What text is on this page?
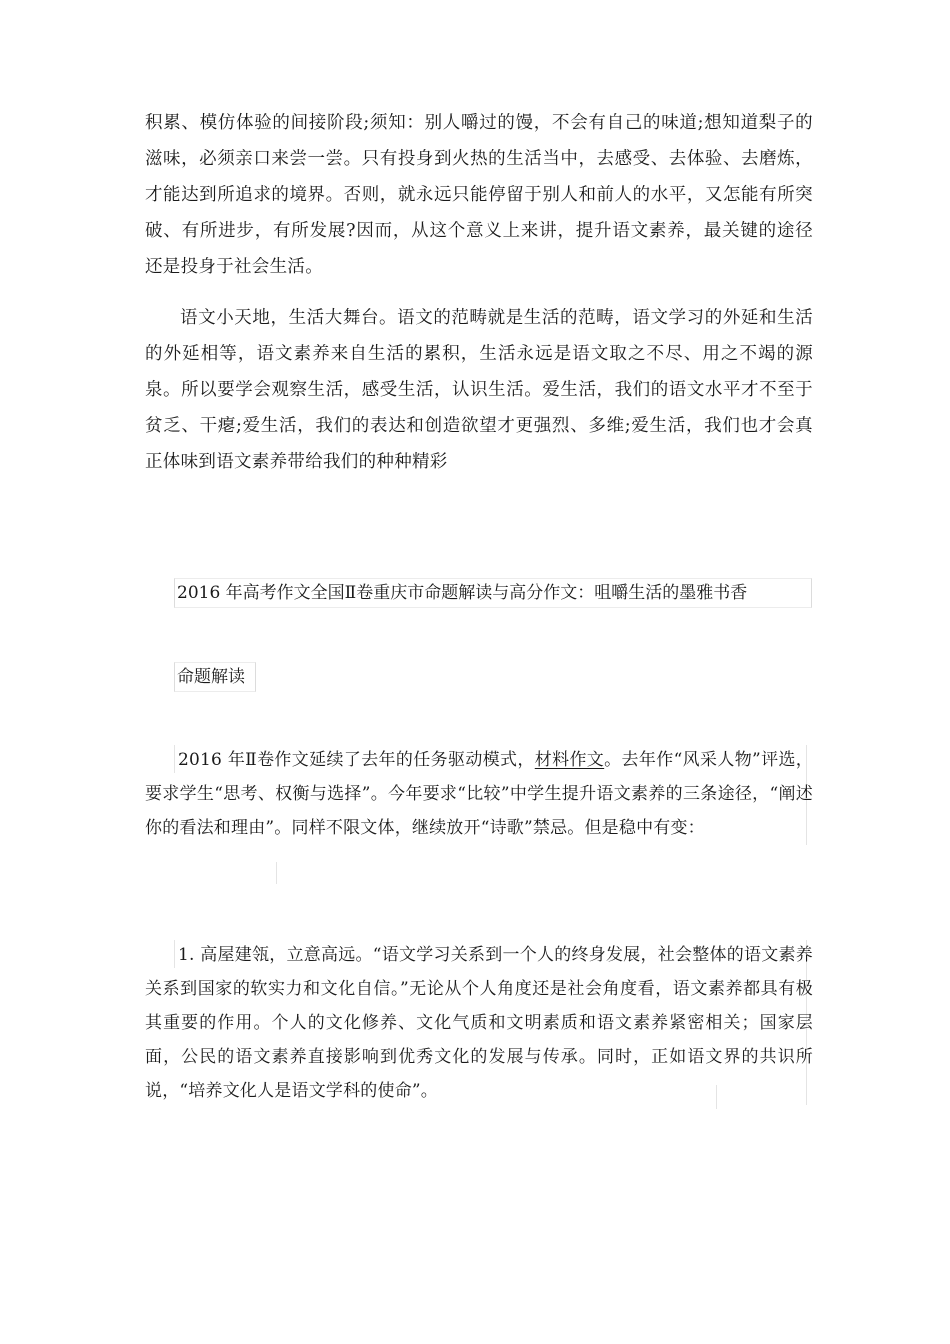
积累、模仿体验的间接阶段;须知：别人嚼过的馒，不会有自己的味道;想知道梨子的滋味，必须亲口来尝一尝。只有投身到火热的生活当中，去感受、去体验、去磨炼，才能达到所追求的境界。否则，就永远只能停留于别人和前人的水平，又怎能有所突破、有所进步，有所发展?因而，从这个意义上来讲，提升语文素养，最关键的途径还是投身于社会生活。

语文小天地，生活大舞台。语文的范畴就是生活的范畴，语文学习的外延和生活的外延相等，语文素养来自生活的累积，生活永远是语文取之不尽、用之不竭的源泉。所以要学会观察生活，感受生活，认识生活。爱生活，我们的语文水平才不至于贫乏、干瘪;爱生活，我们的表达和创造欲望才更强烈、多维;爱生活，我们也才会真正体味到语文素养带给我们的种种精彩

2016 年高考作文全国Ⅱ卷重庆市命题解读与高分作文：咀嚼生活的墨雅书香
命题解读
2016 年Ⅱ卷作文延续了去年的任务驱动模式，材料作文。去年作“风采人物”评选，要求学生“思考、权衡与选择”。今年要求“比较”中学生提升语文素养的三条途径，“阐述你的看法和理由”。同样不限文体，继续放开“诗歌”禁忌。但是稳中有变：
1. 高屋建瓴，立意高远。“语文学习关系到一个人的终身发展，社会整体的语文素养关系到国家的软实力和文化自信。”无论从个人角度还是社会角度看，语文素养都具有极其重要的作用。个人的文化修养、文化气质和文明素质和语文素养紧密相关；国家层面，公民的语文素养直接影响到优秀文化的发展与传承。同时，正如语文界的共识所说，“培养文化人是语文学科的使命”。
